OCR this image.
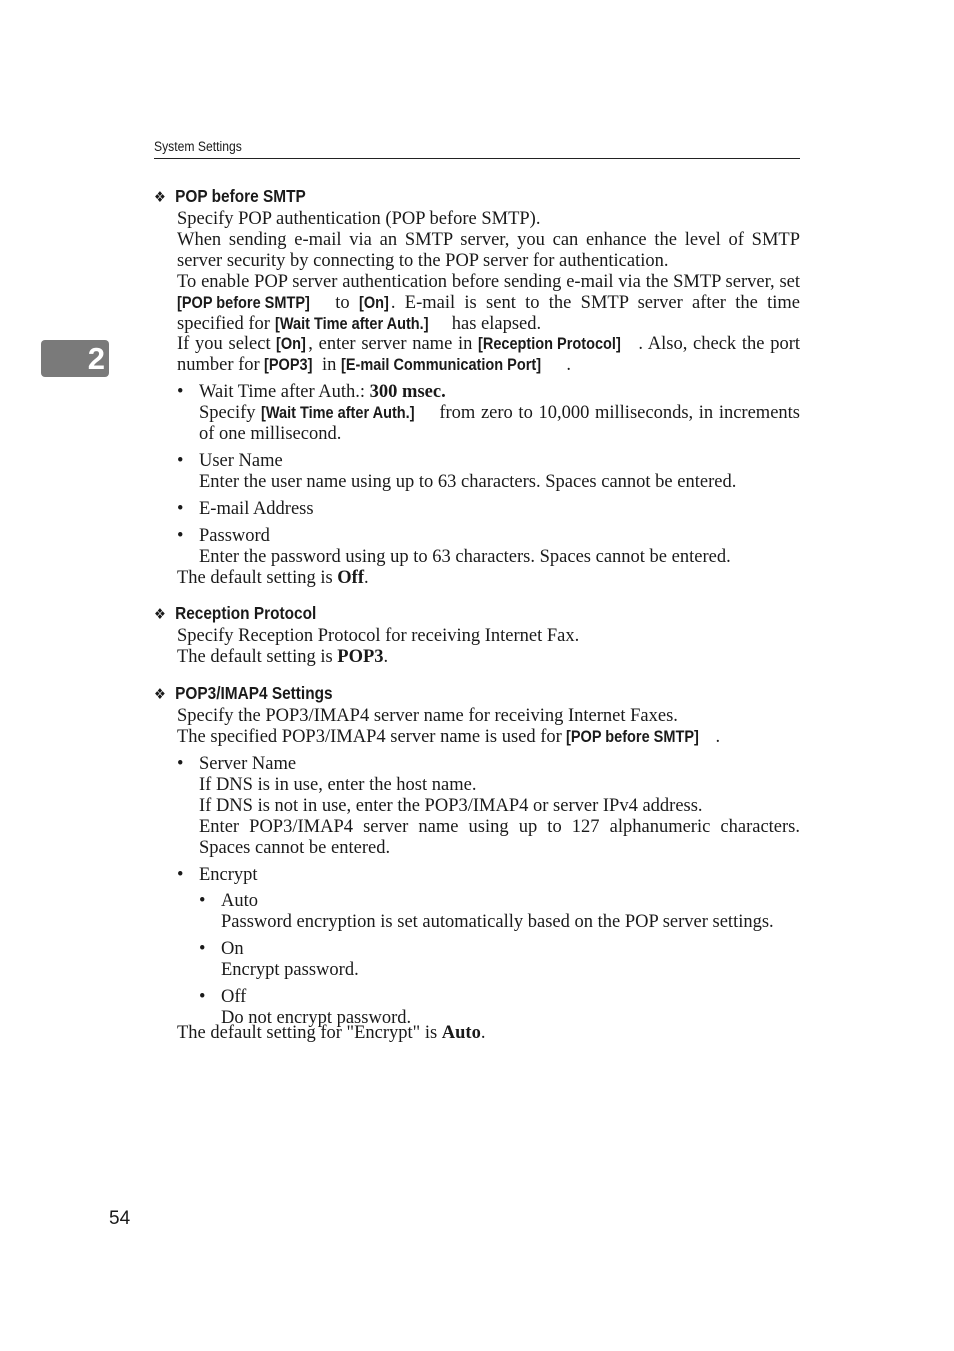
System Settings
2
❖ POP before SMTP

Specify POP authentication (POP before SMTP).

When sending e-mail via an SMTP server, you can enhance the level of SMTP server security by connecting to the POP server for authentication.

To enable POP server authentication before sending e-mail via the SMTP server, set [POP before SMTP] to [On] . E-mail is sent to the SMTP server after the time specified for [Wait Time after Auth.] has elapsed.

If you select [On] , enter server name in [Reception Protocol] . Also, check the port number for [POP3] in [E-mail Communication Port] .

• Wait Time after Auth.: 300 msec.
Specify [Wait Time after Auth.] from zero to 10,000 milliseconds, in increments of one millisecond.
• User Name
Enter the user name using up to 63 characters. Spaces cannot be entered.
• E-mail Address
• Password
Enter the password using up to 63 characters. Spaces cannot be entered.

The default setting is Off.

❖ Reception Protocol

Specify Reception Protocol for receiving Internet Fax.

The default setting is POP3.

❖ POP3/IMAP4 Settings

Specify the POP3/IMAP4 server name for receiving Internet Faxes.

The specified POP3/IMAP4 server name is used for [POP before SMTP] .

• Server Name
If DNS is in use, enter the host name.
If DNS is not in use, enter the POP3/IMAP4 or server IPv4 address.
Enter POP3/IMAP4 server name using up to 127 alphanumeric characters. Spaces cannot be entered.
• Encrypt
• Auto
Password encryption is set automatically based on the POP server settings.
• On
Encrypt password.
• Off
Do not encrypt password.

The default setting for "Encrypt" is Auto.

54
